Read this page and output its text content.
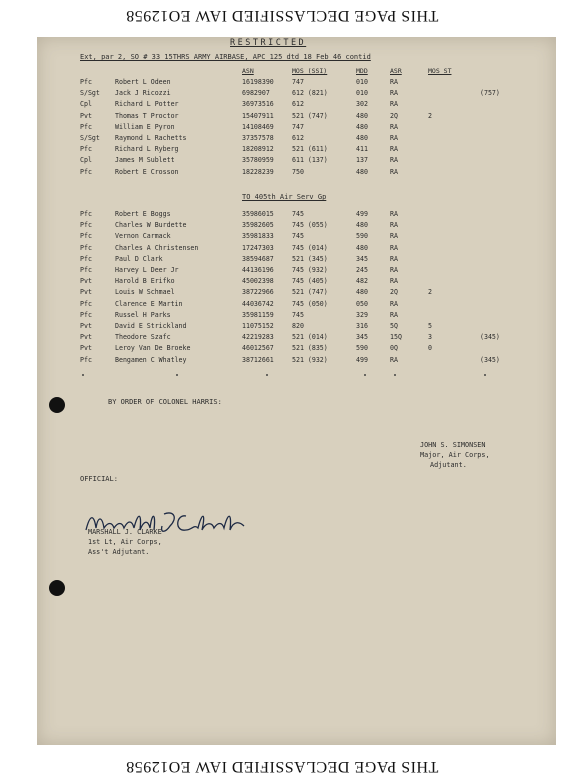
THIS PAGE DECLASSIFIED IAW EO12958
RESTRICTED
Ext, par 2, SO # 33 15THRS ARMY AIRBASE, APC 125 dtd 18 Feb 46 contid
ASN	MOS (SSI)	MDD	ASR	MOS ST
Pfc	Robert L Odeen	16198390	747	010	RA
S/Sgt Jack J Ricozzi	6982907	612 (821)	010	RA	(757)
Cpl	Richard L Potter	36973516	612	302	RA
Pvt	Thomas T Proctor	15407911	521 (747)	480	2Q	2
Pfc	William E Pyron	14108469	747	480	RA
S/Sgt Raymond L Rachetts	37357578	612	480	RA
Pfc	Richard L Ryberg	18208912	521 (611)	411	RA
Cpl	James M Sublett	35780959	611 (137)	137	RA
Pfc	Robert E Crosson	18228239	750	480	RA
TO 405th Air Serv Gp
Pfc	Robert E Boggs	35986015	745	499	RA
Pfc	Charles W Burdette	35982605	745 (055)	480	RA
Pfc	Vernon Carmack	35981833	745	590	RA
Pfc	Charles A Christensen	17247303	745 (014)	480	RA
Pfc	Paul D Clark	38594687	521 (345)	345	RA
Pfc	Harvey L Deer Jr	44136196	745 (932)	245	RA
Pvt	Harold B Erifko	45002398	745 (405)	482	RA
Pvt	Louis W Schmael	38722966	521 (747)	480	2Q	2
Pfc	Clarence E Martin	44036742	745 (050)	050	RA
Pfc	Russel H Parks	35981159	745	329	RA
Pvt	David E Strickland	11075152	820	316	5Q	5
Pvt	Theodore Szafc	42219283	521 (014)	345	15Q	3	(345)
Pvt	Leroy Van De Broeke	46012567	521 (835)	590	0Q	0
Pfc	Bengamen C Whatley	38712661	521 (932)	499	RA	(345)
BY ORDER OF COLONEL HARRIS:
JOHN S. SIMONSEN
Major, Air Corps,
Adjutant.
OFFICIAL:
MARSHALL J. CLARKE
1st Lt, Air Corps,
Ass't Adjutant.
THIS PAGE DECLASSIFIED IAW EO12958
